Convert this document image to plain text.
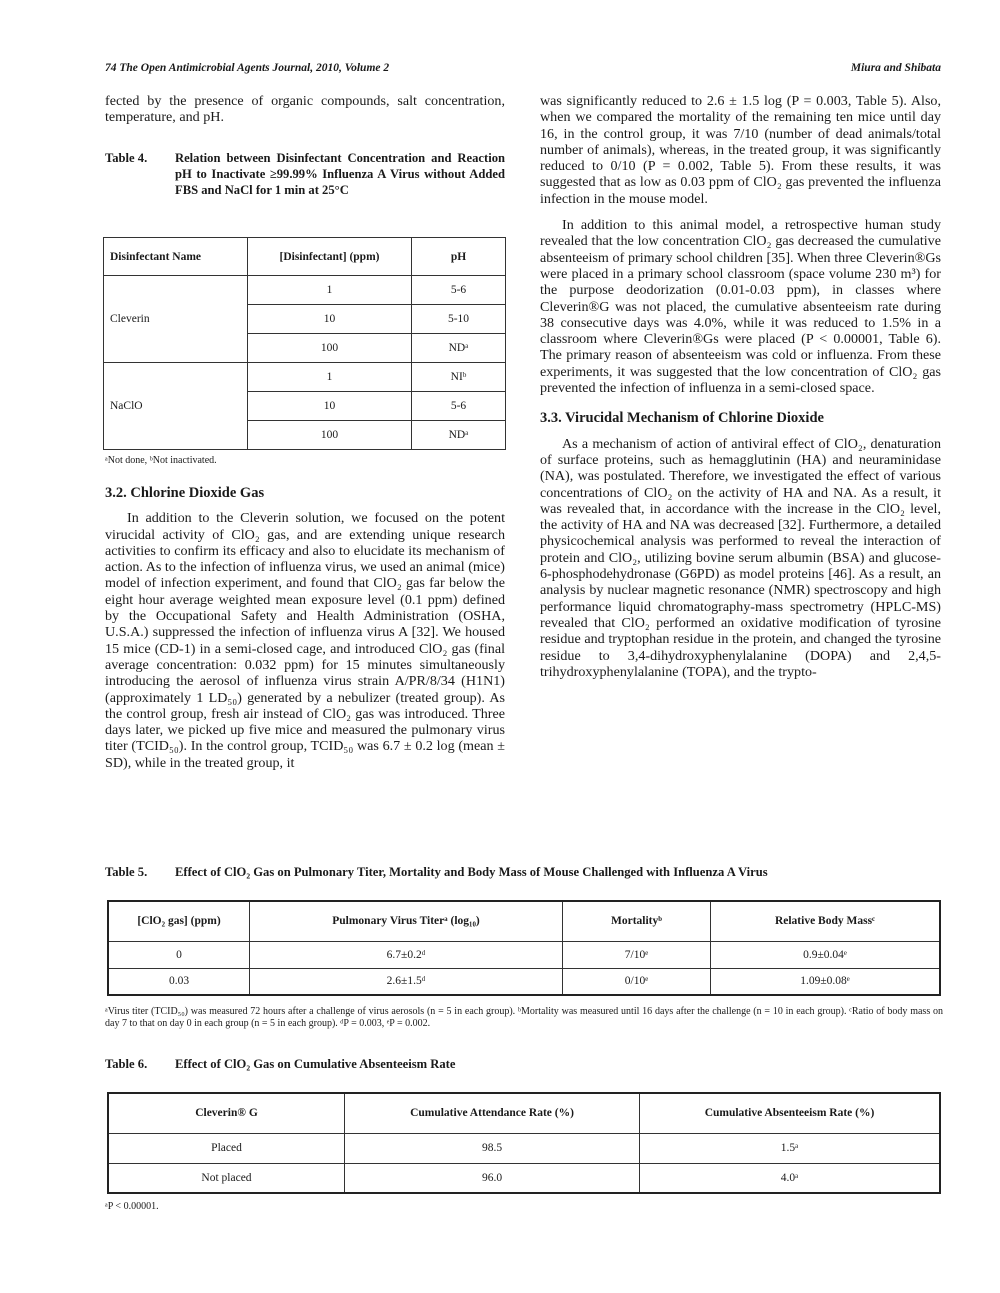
74 The Open Antimicrobial Agents Journal, 2010, Volume 2	Miura and Shibata

fected by the presence of organic compounds, salt concentration, temperature, and pH.

Table 4.	Relation between Disinfectant Concentration and Reaction pH to Inactivate ≥99.99% Influenza A Virus without Added FBS and NaCl for 1 min at 25°C
Disinfectant Name	[Disinfectant] (ppm)	pH
Cleverin	1	5-6
	10	5-10
	100	NDᵃ
NaClO	1	NIᵇ
	10	5-6
	100	NDᵃ
ᵃNot done, ᵇNot inactivated.

3.2. Chlorine Dioxide Gas

In addition to the Cleverin solution, we focused on the potent virucidal activity of ClO₂ gas, and are extending unique research activities to confirm its efficacy and also to elucidate its mechanism of action. As to the infection of influenza virus, we used an animal (mice) model of infection experiment, and found that ClO₂ gas far below the eight hour average weighted mean exposure level (0.1 ppm) defined by the Occupational Safety and Health Administration (OSHA, U.S.A.) suppressed the infection of influenza virus A [32]. We housed 15 mice (CD-1) in a semi-closed cage, and introduced ClO₂ gas (final average concentration: 0.032 ppm) for 15 minutes simultaneously introducing the aerosol of influenza virus strain A/PR/8/34 (H1N1) (approximately 1 LD₅₀) generated by a nebulizer (treated group). As the control group, fresh air instead of ClO₂ gas was introduced. Three days later, we picked up five mice and measured the pulmonary virus titer (TCID₅₀). In the control group, TCID₅₀ was 6.7 ± 0.2 log (mean ± SD), while in the treated group, it

was significantly reduced to 2.6 ± 1.5 log (P = 0.003, Table 5). Also, when we compared the mortality of the remaining ten mice until day 16, in the control group, it was 7/10 (number of dead animals/total number of animals), whereas, in the treated group, it was significantly reduced to 0/10 (P = 0.002, Table 5). From these results, it was suggested that as low as 0.03 ppm of ClO₂ gas prevented the influenza infection in the mouse model.

In addition to this animal model, a retrospective human study revealed that the low concentration ClO₂ gas decreased the cumulative absenteeism of primary school children [35]. When three Cleverin®Gs were placed in a primary school classroom (space volume 230 m³) for the purpose deodorization (0.01-0.03 ppm), in classes where Cleverin®G was not placed, the cumulative absenteeism rate during 38 consecutive days was 4.0%, while it was reduced to 1.5% in a classroom where Cleverin®Gs were placed (P < 0.00001, Table 6). The primary reason of absenteeism was cold or influenza. From these experiments, it was suggested that the low concentration of ClO₂ gas prevented the infection of influenza in a semi-closed space.

3.3. Virucidal Mechanism of Chlorine Dioxide

As a mechanism of action of antiviral effect of ClO₂, denaturation of surface proteins, such as hemagglutinin (HA) and neuraminidase (NA), was postulated. Therefore, we investigated the effect of various concentrations of ClO₂ on the activity of HA and NA. As a result, it was revealed that, in accordance with the increase in the ClO₂ level, the activity of HA and NA was decreased [32]. Furthermore, a detailed physicochemical analysis was performed to reveal the interaction of protein and ClO₂, utilizing bovine serum albumin (BSA) and glucose-6-phosphodehydronase (G6PD) as model proteins [46]. As a result, an analysis by nuclear magnetic resonance (NMR) spectroscopy and high performance liquid chromatography-mass spectrometry (HPLC-MS) revealed that ClO₂ performed an oxidative modification of tyrosine residue and tryptophan residue in the protein, and changed the tyrosine residue to 3,4-dihydroxyphenylalanine (DOPA) and 2,4,5-trihydroxyphenylalanine (TOPA), and the trypto-

Table 5.	Effect of ClO₂ Gas on Pulmonary Titer, Mortality and Body Mass of Mouse Challenged with Influenza A Virus
[ClO₂ gas] (ppm)	Pulmonary Virus Titerᵃ (log₁₀)	Mortalityᵇ	Relative Body Massᶜ
0	6.7±0.2ᵈ	7/10ᵉ	0.9±0.04ᵉ
0.03	2.6±1.5ᵈ	0/10ᵉ	1.09±0.08ᵉ
ᵃVirus titer (TCID₅₀) was measured 72 hours after a challenge of virus aerosols (n = 5 in each group). ᵇMortality was measured until 16 days after the challenge (n = 10 in each group). ᶜRatio of body mass on day 7 to that on day 0 in each group (n = 5 in each group). ᵈP = 0.003, ᵉP = 0.002.
Table 6.	Effect of ClO₂ Gas on Cumulative Absenteeism Rate
Cleverin® G	Cumulative Attendance Rate (%)	Cumulative Absenteeism Rate (%)
Placed	98.5	1.5ᵃ
Not placed	96.0	4.0ᵃ
ᵃP < 0.00001.
